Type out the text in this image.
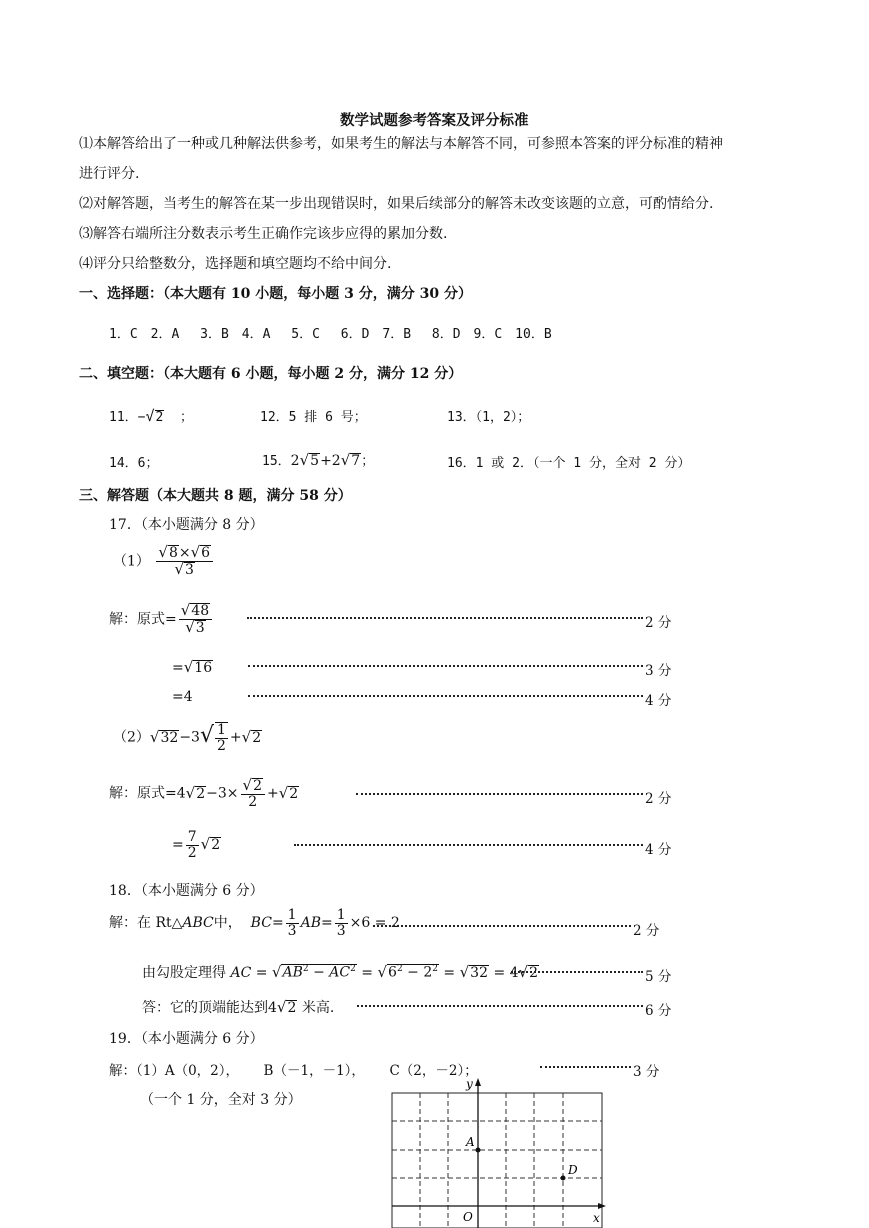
数学试题参考答案及评分标准
⑴本解答给出了一种或几种解法供参考，如果考生的解法与本解答不同，可参照本答案的评分标准的精神
进行评分.
⑵对解答题，当考生的解答在某一步出现错误时，如果后续部分的解答未改变该题的立意，可酌情给分.
⑶解答右端所注分数表示考生正确作完该步应得的累加分数.
⑷评分只给整数分，选择题和填空题均不给中间分.
一、选择题：（本大题有 10 小题，每小题 3 分，满分 30 分）
1．C　2．A　 3．B　4．A　 5．C　 6．D　7．B　 8．D　9．C　10．B
二、填空题：（本大题有 6 小题，每小题 2 分，满分 12 分）
11．−√2 ；	12．5 排 6 号；	13．（1，2）；
14．6；	15．2√5+2√7；	16．1 或 2．（一个 1 分，全对 2 分）
三、解答题（本大题共 8 题，满分 58 分）
17．（本小题满分 8 分）
$(1) \frac{√8\times√6}{√3}$
解：原式= $\frac{√48}{√3}$	2 分
=√16	3 分
=4	4 分
$(2)√32-3√ \frac{1}{2} +√2$
解：原式$=4√2-3\times \frac{√2}{2} +√2$	2 分
= $\frac{7}{2} √2$	4 分
18．（本小题满分 6 分）
解：在 Rt△ABC中， $BC= \frac{1}{3} AB= \frac{1}{3} \times 6 = 2$	2 分
由勾股定理得 AC = $√AB^2 - AC^2 = √6^2 - 2^2 = √32 = 4√2$	5 分
答：它的顶端能达到4√2 米高.	6 分
19．（本小题满分 6 分）
解：（1）A（0，2），　　 B（－1，－1），　　 C（2，－2）；	3 分
（一个 1 分，全对 3 分）
y
x
O
A
D
